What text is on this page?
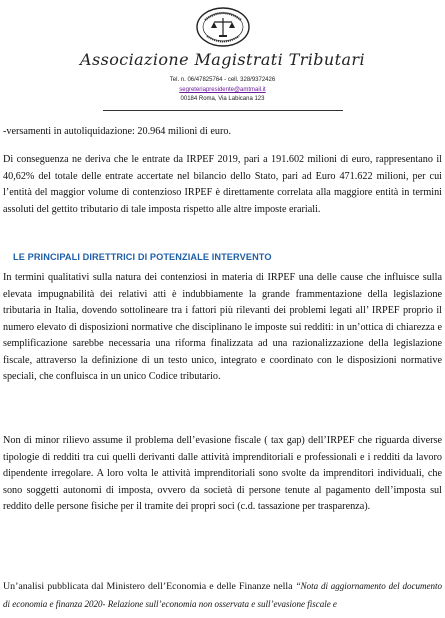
Associazione Magistrati Tributari
Tel. n. 06/47825764 - cell. 328/9372426
segreteriapresidente@amtmail.it
00184 Roma, Via Labicana 123

-versamenti in autoliquidazione: 20.964 milioni di euro.

Di conseguenza ne deriva che le entrate da IRPEF 2019, pari a 191.602 milioni di euro, rappresentano il 40,62% del totale delle entrate accertate nel bilancio dello Stato, pari ad Euro 471.622 milioni, per cui l’entità del maggior volume di contenzioso IRPEF è direttamente correlata alla maggiore entità in termini assoluti del gettito tributario di tale imposta rispetto alle altre imposte erariali.

LE PRINCIPALI DIRETTRICI DI POTENZIALE INTERVENTO

In termini qualitativi sulla natura dei contenziosi in materia di IRPEF una delle cause che influisce sulla elevata impugnabilità dei relativi atti è indubbiamente la grande frammentazione della legislazione tributaria in Italia, dovendo sottolineare tra i fattori più rilevanti dei problemi legati all’ IRPEF proprio il numero elevato di disposizioni normative che disciplinano le imposte sui redditi: in un’ottica di chiarezza e semplificazione sarebbe necessaria una riforma finalizzata ad una razionalizzazione della legislazione fiscale, attraverso la definizione di un testo unico, integrato e coordinato con le disposizioni normative speciali, che confluisca in un unico Codice tributario.

Non di minor rilievo assume il problema dell’evasione fiscale ( tax gap) dell’IRPEF che riguarda diverse tipologie di redditi tra cui quelli derivanti dalle attività imprenditoriali e professionali e i redditi da lavoro dipendente irregolare. A loro volta le attività imprenditoriali sono svolte da imprenditori individuali, che sono soggetti autonomi di imposta, ovvero da società di persone tenute al pagamento dell’imposta sul reddito delle persone fisiche per il tramite dei propri soci (c.d. tassazione per trasparenza).

Un’analisi pubblicata dal Ministero dell’Economia e delle Finanze nella “Nota di aggiornamento del documento di economia e finanza 2020- Relazione sull’economia non osservata e sull’evasione fiscale e
